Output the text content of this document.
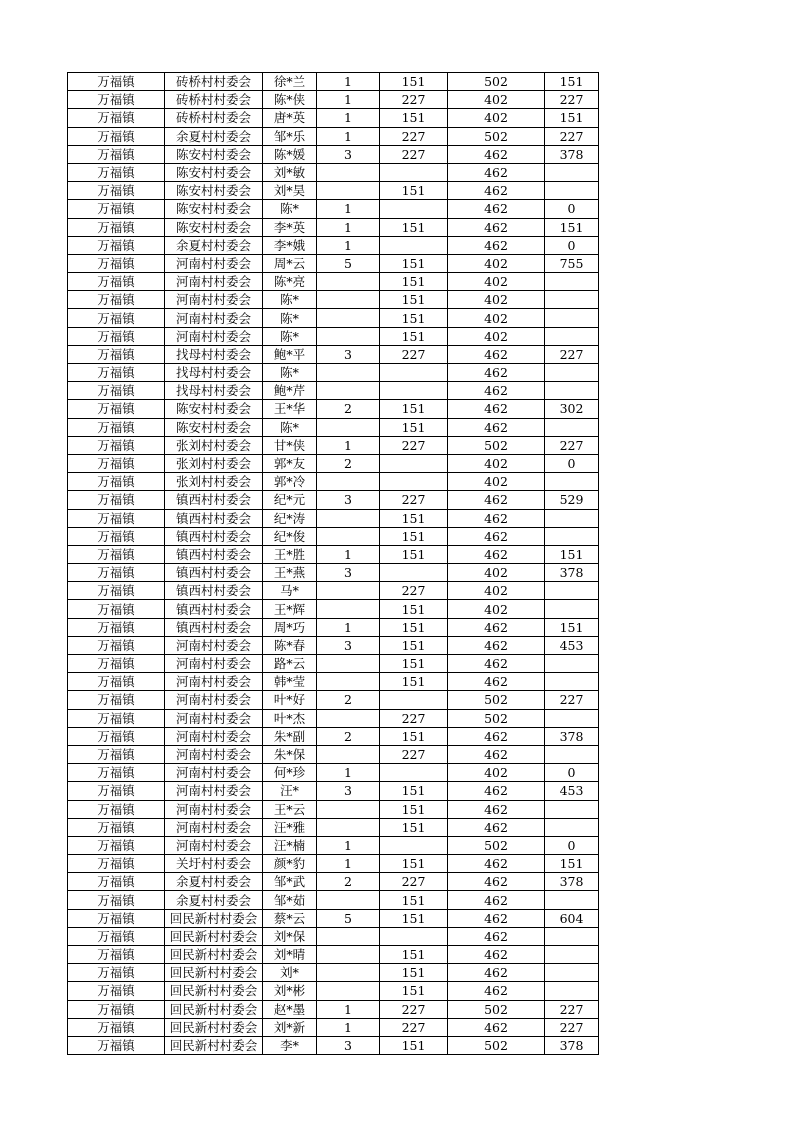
万福镇	砖桥村村委会	徐*兰	1	151	502	151
万福镇	砖桥村村委会	陈*侠	1	227	402	227
万福镇	砖桥村村委会	唐*英	1	151	402	151
万福镇	余夏村村委会	邹*乐	1	227	502	227
万福镇	陈安村村委会	陈*媛	3	227	462	378
万福镇	陈安村村委会	刘*敏			462	
万福镇	陈安村村委会	刘*昊		151	462	
万福镇	陈安村村委会	陈*	1		462	0
万福镇	陈安村村委会	李*英	1	151	462	151
万福镇	余夏村村委会	李*娥	1		462	0
万福镇	河南村村委会	周*云	5	151	402	755
万福镇	河南村村委会	陈*亮		151	402	
万福镇	河南村村委会	陈*		151	402	
万福镇	河南村村委会	陈*		151	402	
万福镇	河南村村委会	陈*		151	402	
万福镇	找母村村委会	鲍*平	3	227	462	227
万福镇	找母村村委会	陈*			462	
万福镇	找母村村委会	鲍*芹			462	
万福镇	陈安村村委会	王*华	2	151	462	302
万福镇	陈安村村委会	陈*		151	462	
万福镇	张刘村村委会	甘*侠	1	227	502	227
万福镇	张刘村村委会	郭*友	2		402	0
万福镇	张刘村村委会	郭*冷			402	
万福镇	镇西村村委会	纪*元	3	227	462	529
万福镇	镇西村村委会	纪*涛		151	462	
万福镇	镇西村村委会	纪*俊		151	462	
万福镇	镇西村村委会	王*胜	1	151	462	151
万福镇	镇西村村委会	王*燕	3		402	378
万福镇	镇西村村委会	马*		227	402	
万福镇	镇西村村委会	王*辉		151	402	
万福镇	镇西村村委会	周*巧	1	151	462	151
万福镇	河南村村委会	陈*春	3	151	462	453
万福镇	河南村村委会	路*云		151	462	
万福镇	河南村村委会	韩*莹		151	462	
万福镇	河南村村委会	叶*好	2		502	227
万福镇	河南村村委会	叶*杰		227	502	
万福镇	河南村村委会	朱*副	2	151	462	378
万福镇	河南村村委会	朱*保		227	462	
万福镇	河南村村委会	何*珍	1		402	0
万福镇	河南村村委会	汪*	3	151	462	453
万福镇	河南村村委会	王*云		151	462	
万福镇	河南村村委会	汪*雅		151	462	
万福镇	河南村村委会	汪*楠	1		502	0
万福镇	关圩村村委会	颜*豹	1	151	462	151
万福镇	余夏村村委会	邹*武	2	227	462	378
万福镇	余夏村村委会	邹*茹		151	462	
万福镇	回民新村村委会	蔡*云	5	151	462	604
万福镇	回民新村村委会	刘*保			462	
万福镇	回民新村村委会	刘*晴		151	462	
万福镇	回民新村村委会	刘*		151	462	
万福镇	回民新村村委会	刘*彬		151	462	
万福镇	回民新村村委会	赵*墨	1	227	502	227
万福镇	回民新村村委会	刘*新	1	227	462	227
万福镇	回民新村村委会	李*	3	151	502	378
